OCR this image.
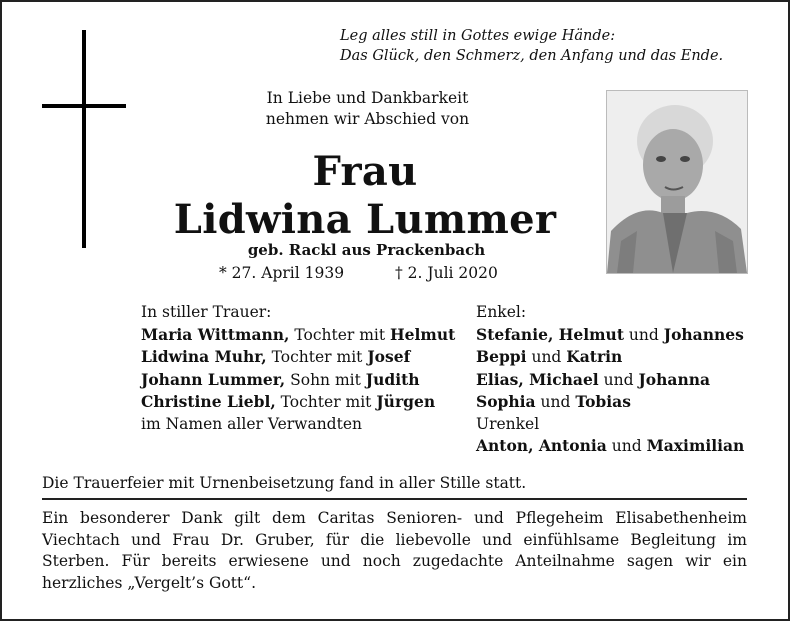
Leg alles still in Gottes ewige Hände:
Das Glück, den Schmerz, den Anfang und das Ende.
In Liebe und Dankbarkeit
nehmen wir Abschied von
Frau
Lidwina Lummer
geb. Rackl aus Prackenbach
* 27. April 1939	† 2. Juli 2020
In stiller Trauer:
Maria Wittmann, Tochter mit Helmut
Lidwina Muhr, Tochter mit Josef
Johann Lummer, Sohn mit Judith
Christine Liebl, Tochter mit Jürgen
im Namen aller Verwandten
Enkel:
Stefanie, Helmut und Johannes
Beppi und Katrin
Elias, Michael und Johanna
Sophia und Tobias
Urenkel
Anton, Antonia und Maximilian
Die Trauerfeier mit Urnenbeisetzung fand in aller Stille statt.
Ein besonderer Dank gilt dem Caritas Senioren- und Pflegeheim Elisabethenheim Viechtach und Frau Dr. Gruber, für die liebevolle und einfühlsame Begleitung im Sterben. Für bereits erwiesene und noch zugedachte Anteilnahme sagen wir ein herzliches „Vergelt’s Gott“.
